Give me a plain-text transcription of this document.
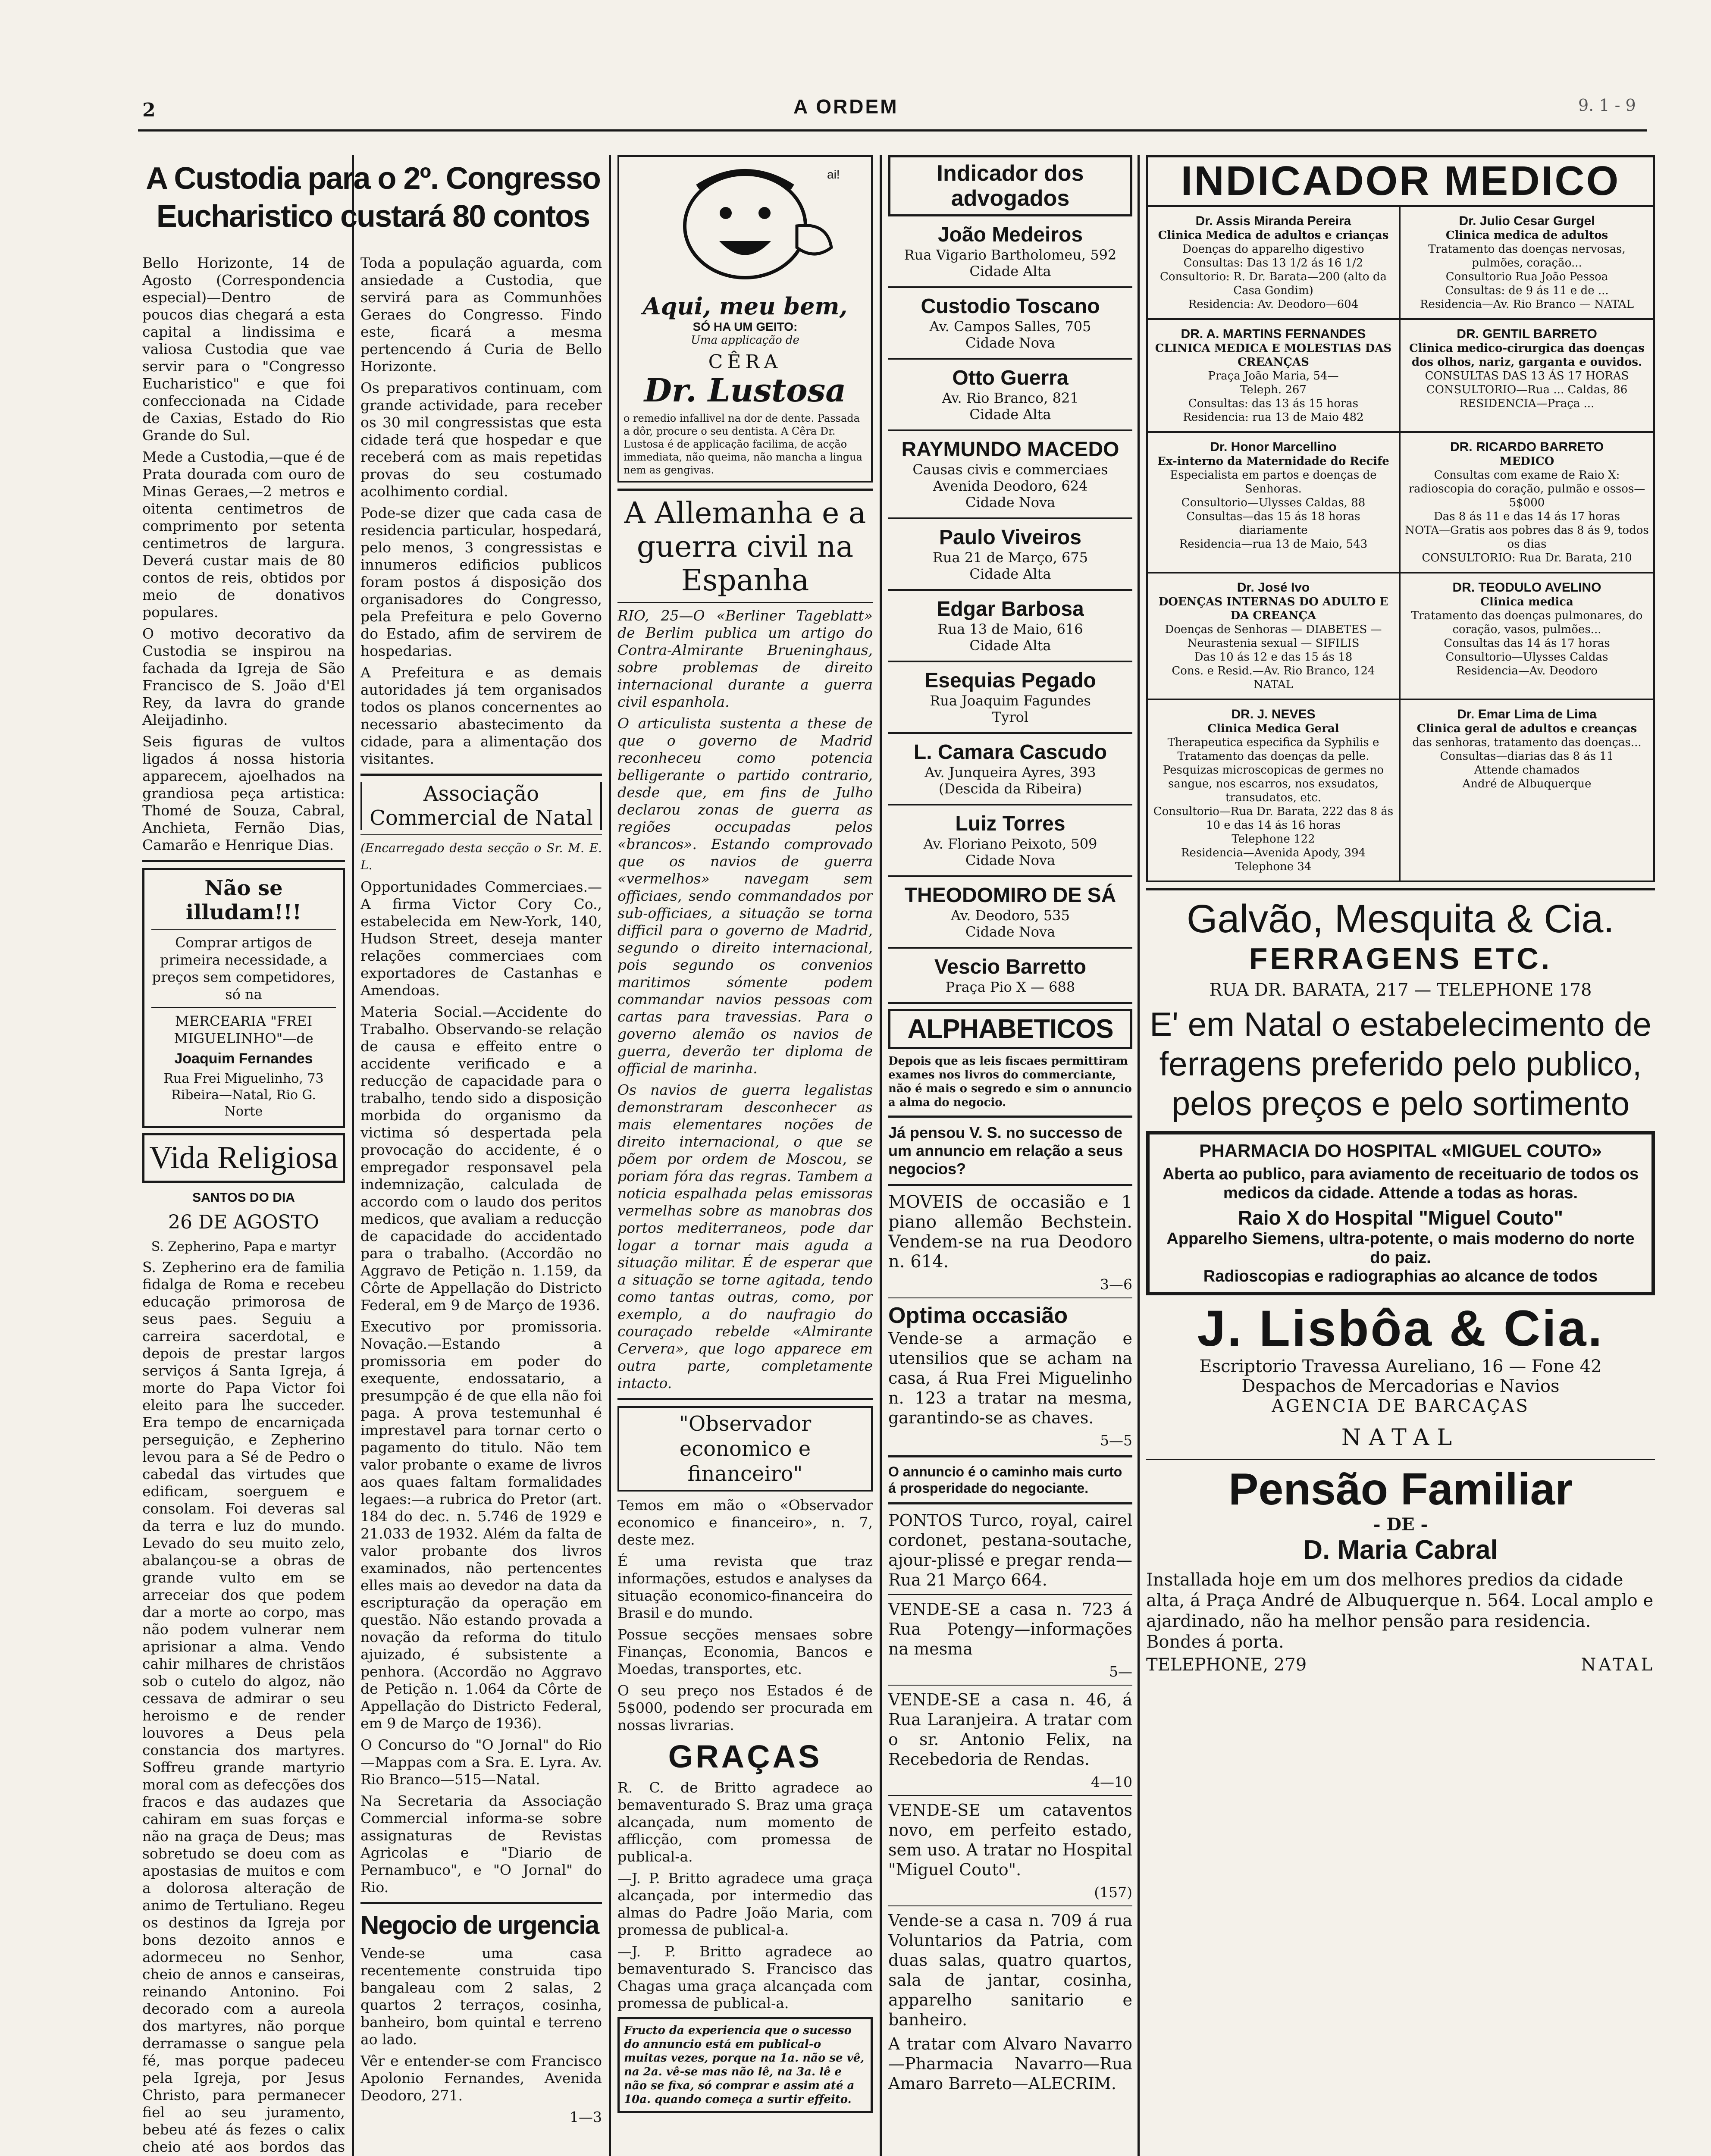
2	A ORDEM	9. 1 - 9
A Custodia para o 2º. Congresso Eucharistico custará 80 contos

Bello Horizonte, 14 de Agosto (Correspondencia especial)—Dentro de poucos dias chegará a esta capital a lindissima e valiosa Custodia que vae servir para o "Congresso Eucharistico" e que foi confeccionada na Cidade de Caxias, Estado do Rio Grande do Sul.

Mede a Custodia,—que é de Prata dourada com ouro de Minas Geraes,—2 metros e oitenta centimetros de comprimento por setenta centimetros de largura. Deverá custar mais de 80 contos de reis, obtidos por meio de donativos populares.

O motivo decorativo da Custodia se inspirou na fachada da Igreja de São Francisco de S. João d'El Rey, da lavra do grande Aleijadinho.

Seis figuras de vultos ligados á nossa historia apparecem, ajoelhados na grandiosa peça artistica: Thomé de Souza, Cabral, Anchieta, Fernão Dias, Camarão e Henrique Dias.

Não se illudam!!!
Comprar artigos de primeira necessidade, a preços sem competidores, só na
MERCEARIA "FREI MIGUELINHO"—de
Joaquim Fernandes
Rua Frei Miguelinho, 73 Ribeira—Natal, Rio G. Norte
Vida Religiosa
SANTOS DO DIA
26 DE AGOSTO
S. Zepherino, Papa e martyr

S. Zepherino era de familia fidalga de Roma e recebeu educação primorosa de seus paes. Seguiu a carreira sacerdotal, e depois de prestar largos serviços á Santa Igreja, á morte do Papa Victor foi eleito para lhe succeder. Era tempo de encarniçada perseguição, e Zepherino levou para a Sé de Pedro o cabedal das virtudes que edificam, soerguem e consolam. Foi deveras sal da terra e luz do mundo. Levado do seu muito zelo, abalançou-se a obras de grande vulto em se arreceiar dos que podem dar a morte ao corpo, mas não podem vulnerar nem aprisionar a alma. Vendo cahir milhares de christãos sob o cutelo do algoz, não cessava de admirar o seu heroismo e de render louvores a Deus pela constancia dos martyres. Soffreu grande martyrio moral com as defecções dos fracos e das audazes que cahiram em suas forças e não na graça de Deus; mas sobretudo se doeu com as apostasias de muitos e com a dolorosa alteração de animo de Tertuliano. Regeu os destinos da Igreja por bons dezoito annos e adormeceu no Senhor, cheio de annos e canseiras, reinando Antonino. Foi decorado com a aureola dos martyres, não porque derramasse o sangue pela fé, mas porque padeceu pela Igreja, por Jesus Christo, para permanecer fiel ao seu juramento, bebeu até ás fezes o calix cheio até aos bordos das

Toda a população aguarda, com ansiedade a Custodia, que servirá para as Communhões Geraes do Congresso. Findo este, ficará a mesma pertencendo á Curia de Bello Horizonte.

Os preparativos continuam, com grande actividade, para receber os 30 mil congressistas que esta cidade terá que hospedar e que receberá com as mais repetidas provas do seu costumado acolhimento cordial.

Pode-se dizer que cada casa de residencia particular, hospedará, pelo menos, 3 congressistas e innumeros edificios publicos foram postos á disposição dos organisadores do Congresso, pela Prefeitura e pelo Governo do Estado, afim de servirem de hospedarias.

A Prefeitura e as demais autoridades já tem organisados todos os planos concernentes ao necessario abastecimento da cidade, para a alimentação dos visitantes.

Associação Commercial de Natal

(Encarregado desta secção o Sr. M. E. L.

Opportunidades Commerciaes.—A firma Victor Cory Co., estabelecida em New-York, 140, Hudson Street, deseja manter relações commerciaes com exportadores de Castanhas e Amendoas.

Materia Social.—Accidente do Trabalho. Observando-se relação de causa e effeito entre o accidente verificado e a reducção de capacidade para o trabalho, tendo sido a disposição morbida do organismo da victima só despertada pela provocação do accidente, é o empregador responsavel pela indemnização, calculada de accordo com o laudo dos peritos medicos, que avaliam a reducção de capacidade do accidentado para o trabalho. (Accordão no Aggravo de Petição n. 1.159, da Côrte de Appellação do Districto Federal, em 9 de Março de 1936.

Executivo por promissoria. Novação.—Estando a promissoria em poder do exequente, endossatario, a presumpção é de que ella não foi paga. A prova testemunhal é imprestavel para tornar certo o pagamento do titulo. Não tem valor probante o exame de livros aos quaes faltam formalidades legaes:—a rubrica do Pretor (art. 184 do dec. n. 5.746 de 1929 e 21.033 de 1932. Além da falta de valor probante dos livros examinados, não pertencentes elles mais ao devedor na data da escripturação da operação em questão. Não estando provada a novação da reforma do titulo ajuizado, é subsistente a penhora. (Accordão no Aggravo de Petição n. 1.064 da Côrte de Appellação do Districto Federal, em 9 de Março de 1936).

O Concurso do "O Jornal" do Rio—Mappas com a Sra. E. Lyra. Av. Rio Branco—515—Natal.

Na Secretaria da Associação Commercial informa-se sobre assignaturas de Revistas Agricolas e "Diario de Pernambuco", e "O Jornal" do Rio.

Negocio de urgencia

Vende-se uma casa recentemente construida tipo bangaleau com 2 salas, 2 quartos 2 terraços, cosinha, banheiro, bom quintal e terreno ao lado.

Vêr e entender-se com Francisco Apolonio Fernandes, Avenida Deodoro, 271.

1—3

ai!
Aqui, meu bem,
SÓ HA UM GEITO:
Uma applicação de
CÊRA
Dr. Lustosa
o remedio infallivel na dor de dente. Passada a dôr, procure o seu dentista. A Cêra Dr. Lustosa é de applicação facilima, de acção immediata, não queima, não mancha a lingua nem as gengivas.
A Allemanha e a guerra civil na Espanha

RIO, 25—O «Berliner Tageblatt» de Berlim publica um artigo do Contra-Almirante Brueninghaus, sobre problemas de direito internacional durante a guerra civil espanhola.

O articulista sustenta a these de que o governo de Madrid reconheceu como potencia belligerante o partido contrario, desde que, em fins de Julho declarou zonas de guerra as regiões occupadas pelos «brancos». Estando comprovado que os navios de guerra «vermelhos» navegam sem officiaes, sendo commandados por sub-officiaes, a situação se torna difficil para o governo de Madrid, segundo o direito internacional, pois segundo os convenios maritimos sómente podem commandar navios pessoas com cartas para travessias. Para o governo alemão os navios de guerra, deverão ter diploma de official de marinha.

Os navios de guerra legalistas demonstraram desconhecer as mais elementares noções de direito internacional, o que se põem por ordem de Moscou, se poriam fóra das regras. Tambem a noticia espalhada pelas emissoras vermelhas sobre as manobras dos portos mediterraneos, pode dar logar a tornar mais aguda a situação militar. É de esperar que a situação se torne agitada, tendo como tantas outras, como, por exemplo, a do naufragio do couraçado rebelde «Almirante Cervera», que logo apparece em outra parte, completamente intacto.

"Observador economico e financeiro"

Temos em mão o «Observador economico e financeiro», n. 7, deste mez.

É uma revista que traz informações, estudos e analyses da situação economico-financeira do Brasil e do mundo.

Possue secções mensaes sobre Finanças, Economia, Bancos e Moedas, transportes, etc.

O seu preço nos Estados é de 5$000, podendo ser procurada em nossas livrarias.

GRAÇAS

R. C. de Britto agradece ao bemaventurado S. Braz uma graça alcançada, num momento de afflicção, com promessa de publical-a.

—J. P. Britto agradece uma graça alcançada, por intermedio das almas do Padre João Maria, com promessa de publical-a.

—J. P. Britto agradece ao bemaventurado S. Francisco das Chagas uma graça alcançada com promessa de publical-a.

Fructo da experiencia que o sucesso do annuncio está em publical-o muitas vezes, porque na 1a. não se vê, na 2a. vê-se mas não lê, na 3a. lê e não se fixa, só comprar e assim até a 10a. quando começa a surtir effeito.
Indicador dos advogados
João Medeiros
Rua Vigario Bartholomeu, 592
Cidade Alta
Custodio Toscano
Av. Campos Salles, 705
Cidade Nova
Otto Guerra
Av. Rio Branco, 821
Cidade Alta
RAYMUNDO MACEDO
Causas civis e commerciaes
Avenida Deodoro, 624
Cidade Nova
Paulo Viveiros
Rua 21 de Março, 675
Cidade Alta
Edgar Barbosa
Rua 13 de Maio, 616
Cidade Alta
Esequias Pegado
Rua Joaquim Fagundes
Tyrol
L. Camara Cascudo
Av. Junqueira Ayres, 393
(Descida da Ribeira)
Luiz Torres
Av. Floriano Peixoto, 509
Cidade Nova
THEODOMIRO DE SÁ
Av. Deodoro, 535
Cidade Nova
Vescio Barretto
Praça Pio X — 688
ALPHABETICOS
Depois que as leis fiscaes permittiram exames nos livros do commerciante, não é mais o segredo e sim o annuncio a alma do negocio.
Já pensou V. S. no successo de um annuncio em relação a seus negocios?

MOVEIS de occasião e 1 piano allemão Bechstein. Vendem-se na rua Deodoro n. 614.

3—6

Optima occasião

Vende-se a armação e utensilios que se acham na casa, á Rua Frei Miguelinho n. 123 a tratar na mesma, garantindo-se as chaves.

5—5

O annuncio é o caminho mais curto á prosperidade do negociante.

PONTOS Turco, royal, cairel cordonet, pestana-soutache, ajour-plissé e pregar renda—Rua 21 Março 664.

VENDE-SE a casa n. 723 á Rua Potengy—informações na mesma

5—

VENDE-SE a casa n. 46, á Rua Laranjeira. A tratar com o sr. Antonio Felix, na Recebedoria de Rendas.

4—10

VENDE-SE um cataventos novo, em perfeito estado, sem uso. A tratar no Hospital "Miguel Couto".

(157)

Vende-se a casa n. 709 á rua Voluntarios da Patria, com duas salas, quatro quartos, sala de jantar, cosinha, apparelho sanitario e banheiro.

A tratar com Alvaro Navarro—Pharmacia Navarro—Rua Amaro Barreto—ALECRIM.

INDICADOR MEDICO
Dr. Assis Miranda Pereira
Clinica Medica de adultos e crianças
Doenças do apparelho digestivo
Consultas: Das 13 1/2 ás 16 1/2
Consultorio: R. Dr. Barata—200 (alto da Casa Gondim)
Residencia: Av. Deodoro—604
Dr. Julio Cesar Gurgel
Clinica medica de adultos
Tratamento das doenças nervosas, pulmões, coração...
Consultorio Rua João Pessoa
Consultas: de 9 ás 11 e de ...
Residencia—Av. Rio Branco — NATAL
DR. A. MARTINS FERNANDES
CLINICA MEDICA E MOLESTIAS DAS CREANÇAS
Praça João Maria, 54—
Teleph. 267
Consultas: das 13 ás 15 horas
Residencia: rua 13 de Maio 482
DR. GENTIL BARRETO
Clinica medico-cirurgica das doenças dos olhos, nariz, garganta e ouvidos.
CONSULTAS DAS 13 ÁS 17 HORAS
CONSULTORIO—Rua ... Caldas, 86
RESIDENCIA—Praça ...
Dr. Honor Marcellino
Ex-interno da Maternidade do Recife
Especialista em partos e doenças de Senhoras.
Consultorio—Ulysses Caldas, 88
Consultas—das 15 ás 18 horas diariamente
Residencia—rua 13 de Maio, 543
DR. RICARDO BARRETO
MEDICO
Consultas com exame de Raio X: radioscopia do coração, pulmão e ossos—5$000
Das 8 ás 11 e das 14 ás 17 horas
NOTA—Gratis aos pobres das 8 ás 9, todos os dias
CONSULTORIO: Rua Dr. Barata, 210
Dr. José Ivo
DOENÇAS INTERNAS DO ADULTO E DA CREANÇA
Doenças de Senhoras — DIABETES — Neurastenia sexual — SIFILIS
Das 10 ás 12 e das 15 ás 18
Cons. e Resid.—Av. Rio Branco, 124
NATAL
DR. TEODULO AVELINO
Clinica medica
Tratamento das doenças pulmonares, do coração, vasos, pulmões...
Consultas das 14 ás 17 horas
Consultorio—Ulysses Caldas
Residencia—Av. Deodoro
DR. J. NEVES
Clinica Medica Geral
Therapeutica especifica da Syphilis e Tratamento das doenças da pelle. Pesquizas microscopicas de germes no sangue, nos escarros, nos exsudatos, transudatos, etc.
Consultorio—Rua Dr. Barata, 222 das 8 ás 10 e das 14 ás 16 horas
Telephone 122
Residencia—Avenida Apody, 394 Telephone 34
Dr. Emar Lima de Lima
Clinica geral de adultos e creanças
das senhoras, tratamento das doenças...
Consultas—diarias das 8 ás 11
Attende chamados
André de Albuquerque
Galvão, Mesquita & Cia.
FERRAGENS ETC.
RUA DR. BARATA, 217 — TELEPHONE 178
E' em Natal o estabelecimento de ferragens preferido pelo publico, pelos preços e pelo sortimento
PHARMACIA DO HOSPITAL «MIGUEL COUTO»
Aberta ao publico, para aviamento de receituario de todos os medicos da cidade. Attende a todas as horas.
Raio X do Hospital "Miguel Couto"
Apparelho Siemens, ultra-potente, o mais moderno do norte do paiz.
Radioscopias e radiographias ao alcance de todos
J. Lisbôa & Cia.
Escriptorio Travessa Aureliano, 16 — Fone 42
Despachos de Mercadorias e Navios
AGENCIA DE BARCAÇAS
NATAL
Pensão Familiar
- DE -
D. Maria Cabral
Installada hoje em um dos melhores predios da cidade alta, á Praça André de Albuquerque n. 564. Local amplo e ajardinado, não ha melhor pensão para residencia. Bondes á porta.
TELEPHONE, 279	NATAL
